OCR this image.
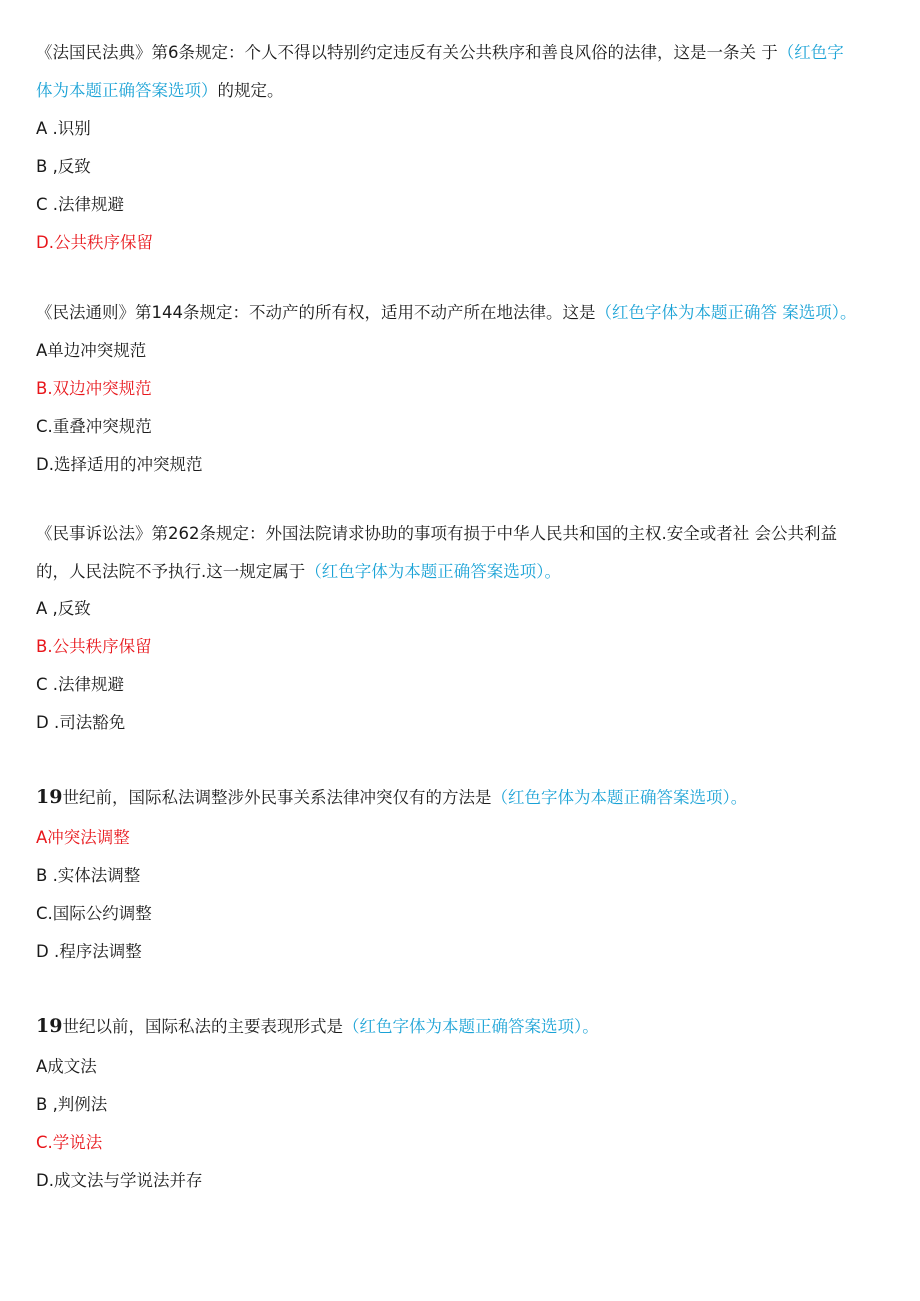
《法国民法典》第6条规定：个人不得以特别约定违反有关公共秩序和善良风俗的法律，这是一条关 于（红色字
体为本题正确答案选项）的规定。
A .识别
B ,反致
C .法律规避
D.公共秩序保留
《民法通则》第144条规定：不动产的所有权，适用不动产所在地法律。这是（红色字体为本题正确答 案选项）。
A单边冲突规范
B.双边冲突规范
C.重叠冲突规范
D.选择适用的冲突规范
《民事诉讼法》第262条规定：外国法院请求协助的事项有损于中华人民共和国的主权.安全或者社 会公共利益
的，人民法院不予执行.这一规定属于（红色字体为本题正确答案选项）。
A ,反致
B.公共秩序保留
C .法律规避
D .司法豁免
19世纪前，国际私法调整涉外民事关系法律冲突仅有的方法是（红色字体为本题正确答案选项）。
A冲突法调整
B .实体法调整
C.国际公约调整
D .程序法调整
19世纪以前，国际私法的主要表现形式是（红色字体为本题正确答案选项）。
A成文法
B ,判例法
C.学说法
D.成文法与学说法并存
